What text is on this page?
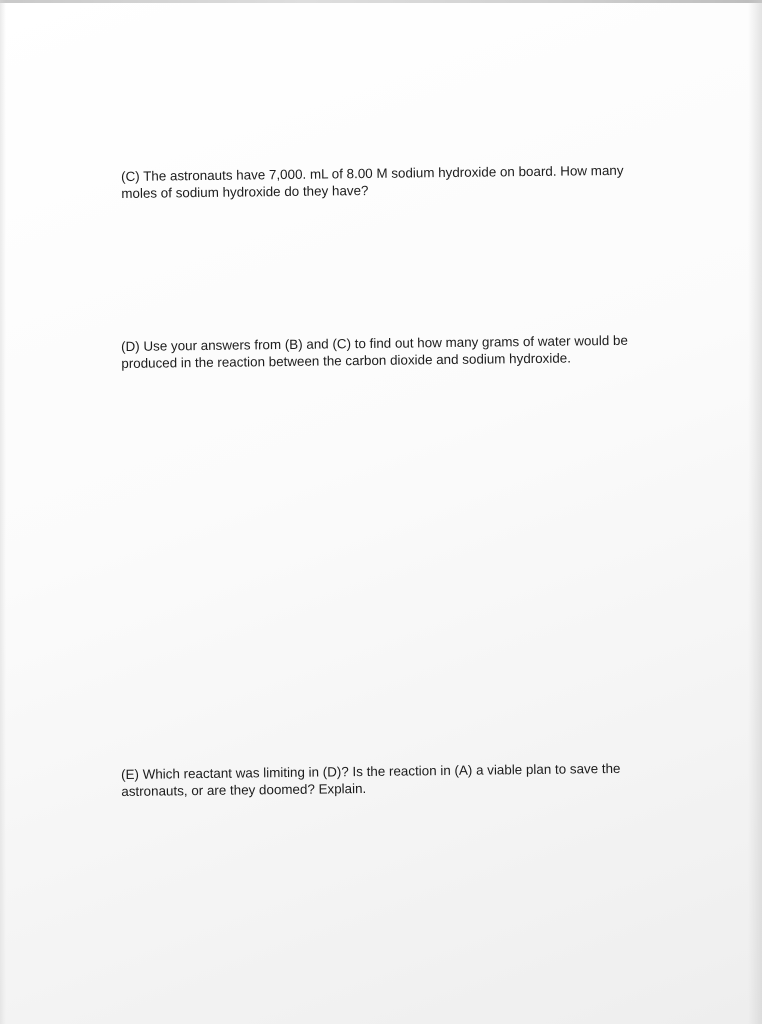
(C) The astronauts have 7,000. mL of 8.00 M sodium hydroxide on board. How many moles of sodium hydroxide do they have?

(D) Use your answers from (B) and (C) to find out how many grams of water would be produced in the reaction between the carbon dioxide and sodium hydroxide.

(E) Which reactant was limiting in (D)? Is the reaction in (A) a viable plan to save the astronauts, or are they doomed? Explain.
